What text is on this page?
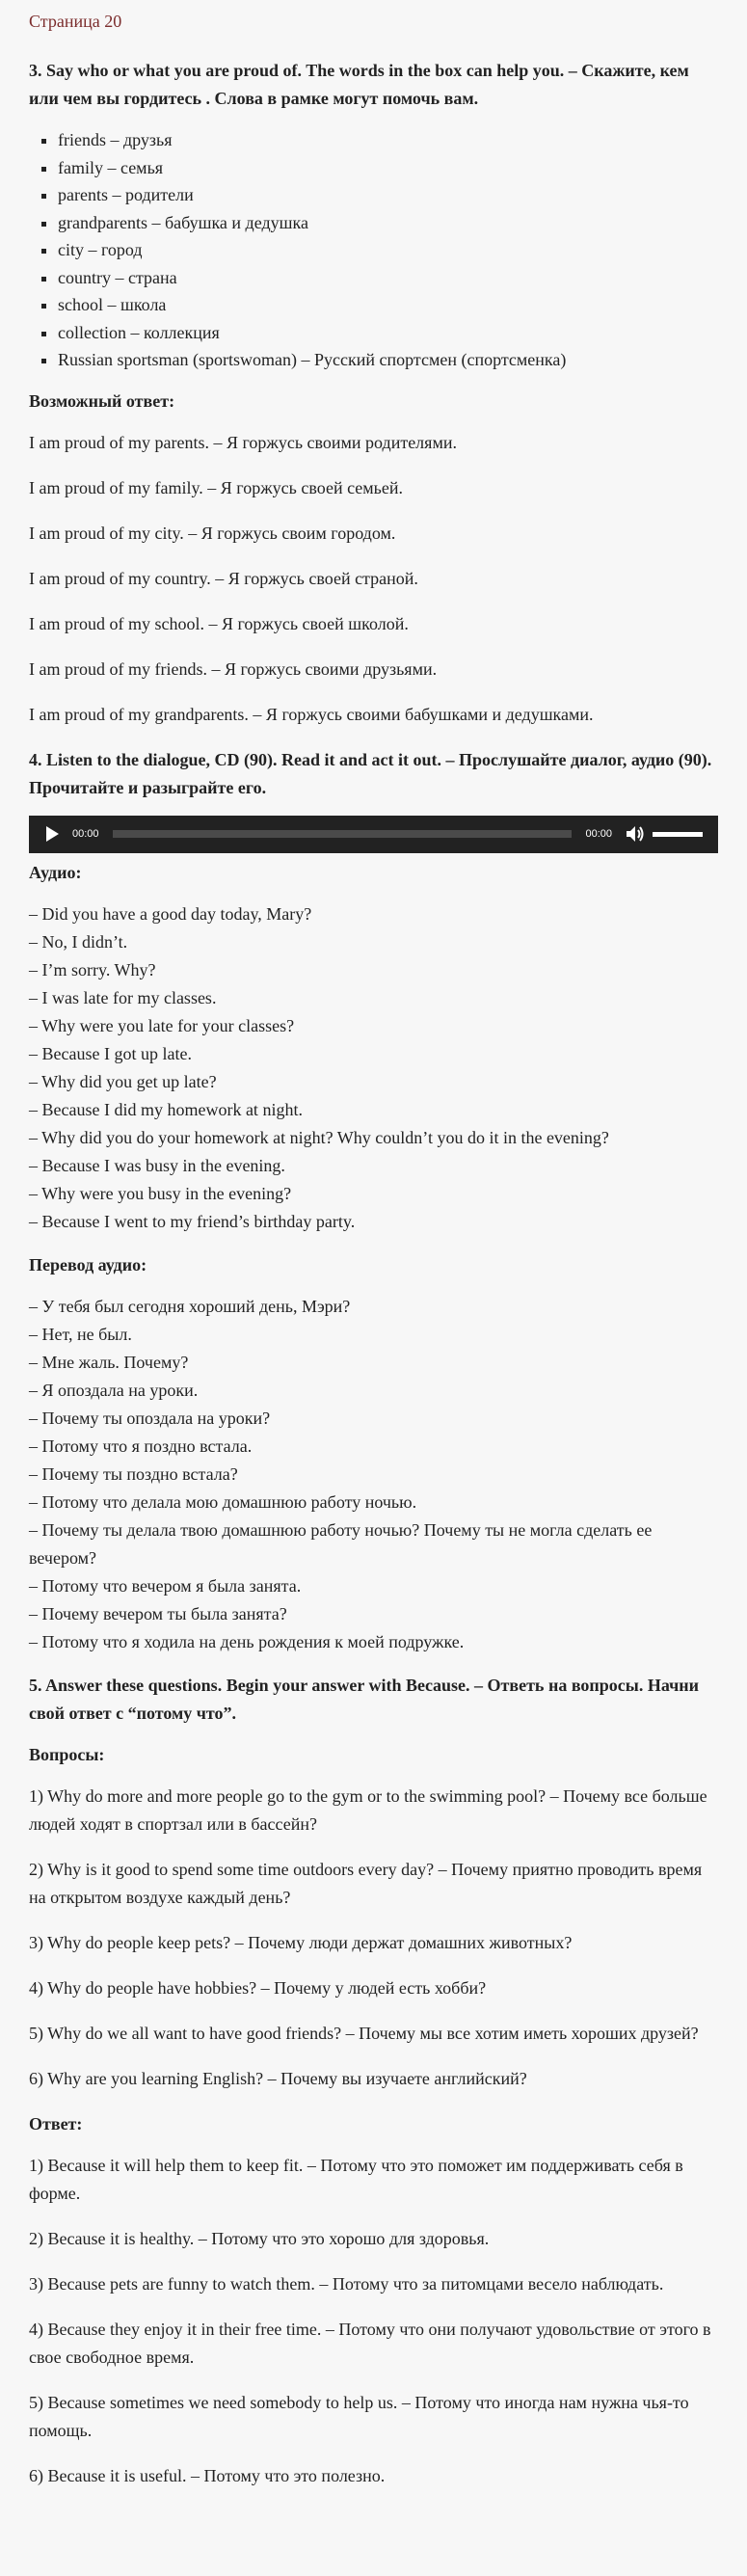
Страница 20
3. Say who or what you are proud of. The words in the box can help you. – Скажите, кем или чем вы гордитесь . Слова в рамке могут помочь вам.
▪ friends – друзья
▪ family – семья
▪ parents – родители
▪ grandparents – бабушка и дедушка
▪ city – город
▪ country – страна
▪ school – школа
▪ collection – коллекция
▪ Russian sportsman (sportswoman) – Русский спортсмен (спортсменка)
Возможный ответ:

I am proud of my parents. – Я горжусь своими родителями.

I am proud of my family. – Я горжусь своей семьей.

I am proud of my city. – Я горжусь своим городом.

I am proud of my country. – Я горжусь своей страной.

I am proud of my school. – Я горжусь своей школой.

I am proud of my friends. – Я горжусь своими друзьями.

I am proud of my grandparents. – Я горжусь своими бабушками и дедушками.

4. Listen to the dialogue, CD (90). Read it and act it out. – Прослушайте диалог, аудио (90). Прочитайте и разыграйте его.
00:00	00:00
Аудио:
– Did you have a good day today, Mary?
– No, I didn’t.
– I’m sorry. Why?
– I was late for my classes.
– Why were you late for your classes?
– Because I got up late.
– Why did you get up late?
– Because I did my homework at night.
– Why did you do your homework at night? Why couldn’t you do it in the evening?
– Because I was busy in the evening.
– Why were you busy in the evening?
– Because I went to my friend’s birthday party.
Перевод аудио:
– У тебя был сегодня хороший день, Мэри?
– Нет, не был.
– Мне жаль. Почему?
– Я опоздала на уроки.
– Почему ты опоздала на уроки?
– Потому что я поздно встала.
– Почему ты поздно встала?
– Потому что делала мою домашнюю работу ночью.
– Почему ты делала твою домашнюю работу ночью? Почему ты не могла сделать ее вечером?
– Потому что вечером я была занята.
– Почему вечером ты была занята?
– Потому что я ходила на день рождения к моей подружке.
5. Answer these questions. Begin your answer with Because. – Ответь на вопросы. Начни свой ответ с “потому что”.
Вопросы:

1) Why do more and more people go to the gym or to the swimming pool? – Почему все больше людей ходят в спортзал или в бассейн?

2) Why is it good to spend some time outdoors every day? – Почему приятно проводить время на открытом воздухе каждый день?

3) Why do people keep pets? – Почему люди держат домашних животных?

4) Why do people have hobbies? – Почему у людей есть хобби?

5) Why do we all want to have good friends? – Почему мы все хотим иметь хороших друзей?

6) Why are you learning English? – Почему вы изучаете английский?

Ответ:

1) Because it will help them to keep fit. – Потому что это поможет им поддерживать себя в форме.

2) Because it is healthy. – Потому что это хорошо для здоровья.

3) Because pets are funny to watch them. – Потому что за питомцами весело наблюдать.

4) Because they enjoy it in their free time. – Потому что они получают удовольствие от этого в свое свободное время.

5) Because sometimes we need somebody to help us. – Потому что иногда нам нужна чья-то помощь.

6) Because it is useful. – Потому что это полезно.
